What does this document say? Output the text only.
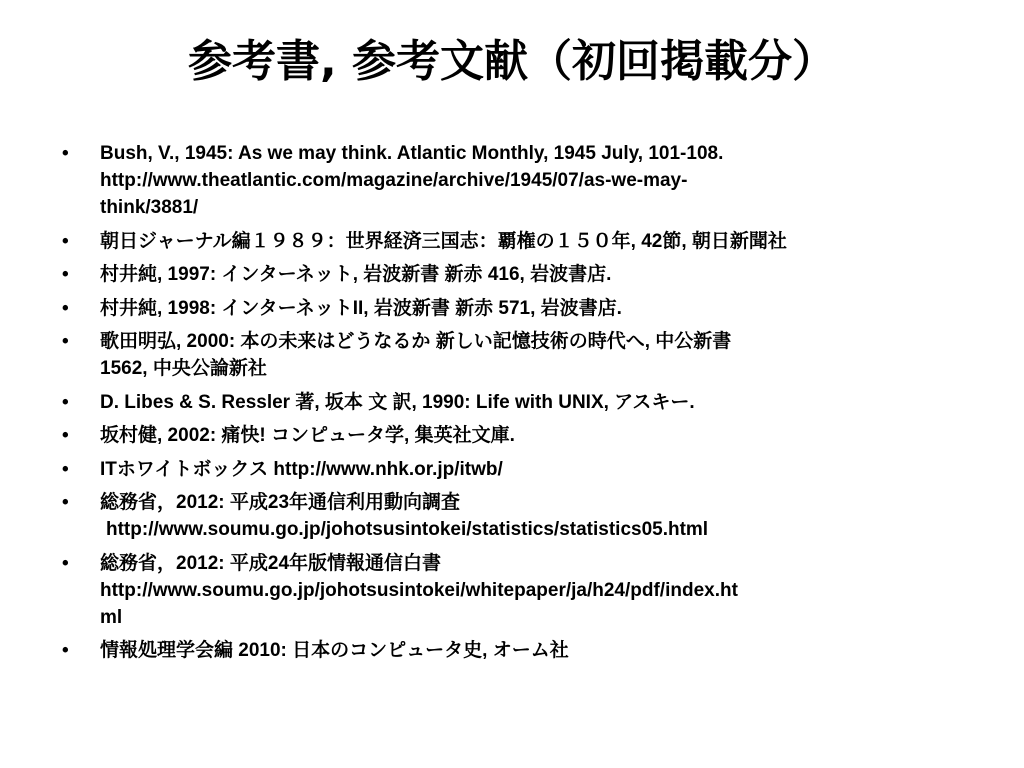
参考書, 参考文献（初回掲載分）
• Bush, V., 1945: As we may think. Atlantic Monthly, 1945 July, 101-108.
http://www.theatlantic.com/magazine/archive/1945/07/as-we-may-
think/3881/
• 朝日ジャーナル編１９８９：世界経済三国志：覇権の１５０年, 42節, 朝日新聞社
• 村井純, 1997: インターネット, 岩波新書 新赤 416, 岩波書店.
• 村井純, 1998: インターネットII, 岩波新書 新赤 571, 岩波書店.
• 歌田明弘, 2000: 本の未来はどうなるか 新しい記憶技術の時代へ, 中公新書
1562, 中央公論新社
• D. Libes & S. Ressler 著, 坂本 文 訳, 1990: Life with UNIX, アスキー.
• 坂村健, 2002: 痛快! コンピュータ学, 集英社文庫.
• ITホワイトボックス http://www.nhk.or.jp/itwb/
• 総務省，2012: 平成23年通信利用動向調査
http://www.soumu.go.jp/johotsusintokei/statistics/statistics05.html
• 総務省，2012: 平成24年版情報通信白書
http://www.soumu.go.jp/johotsusintokei/whitepaper/ja/h24/pdf/index.ht
ml
• 情報処理学会編 2010: 日本のコンピュータ史, オーム社
